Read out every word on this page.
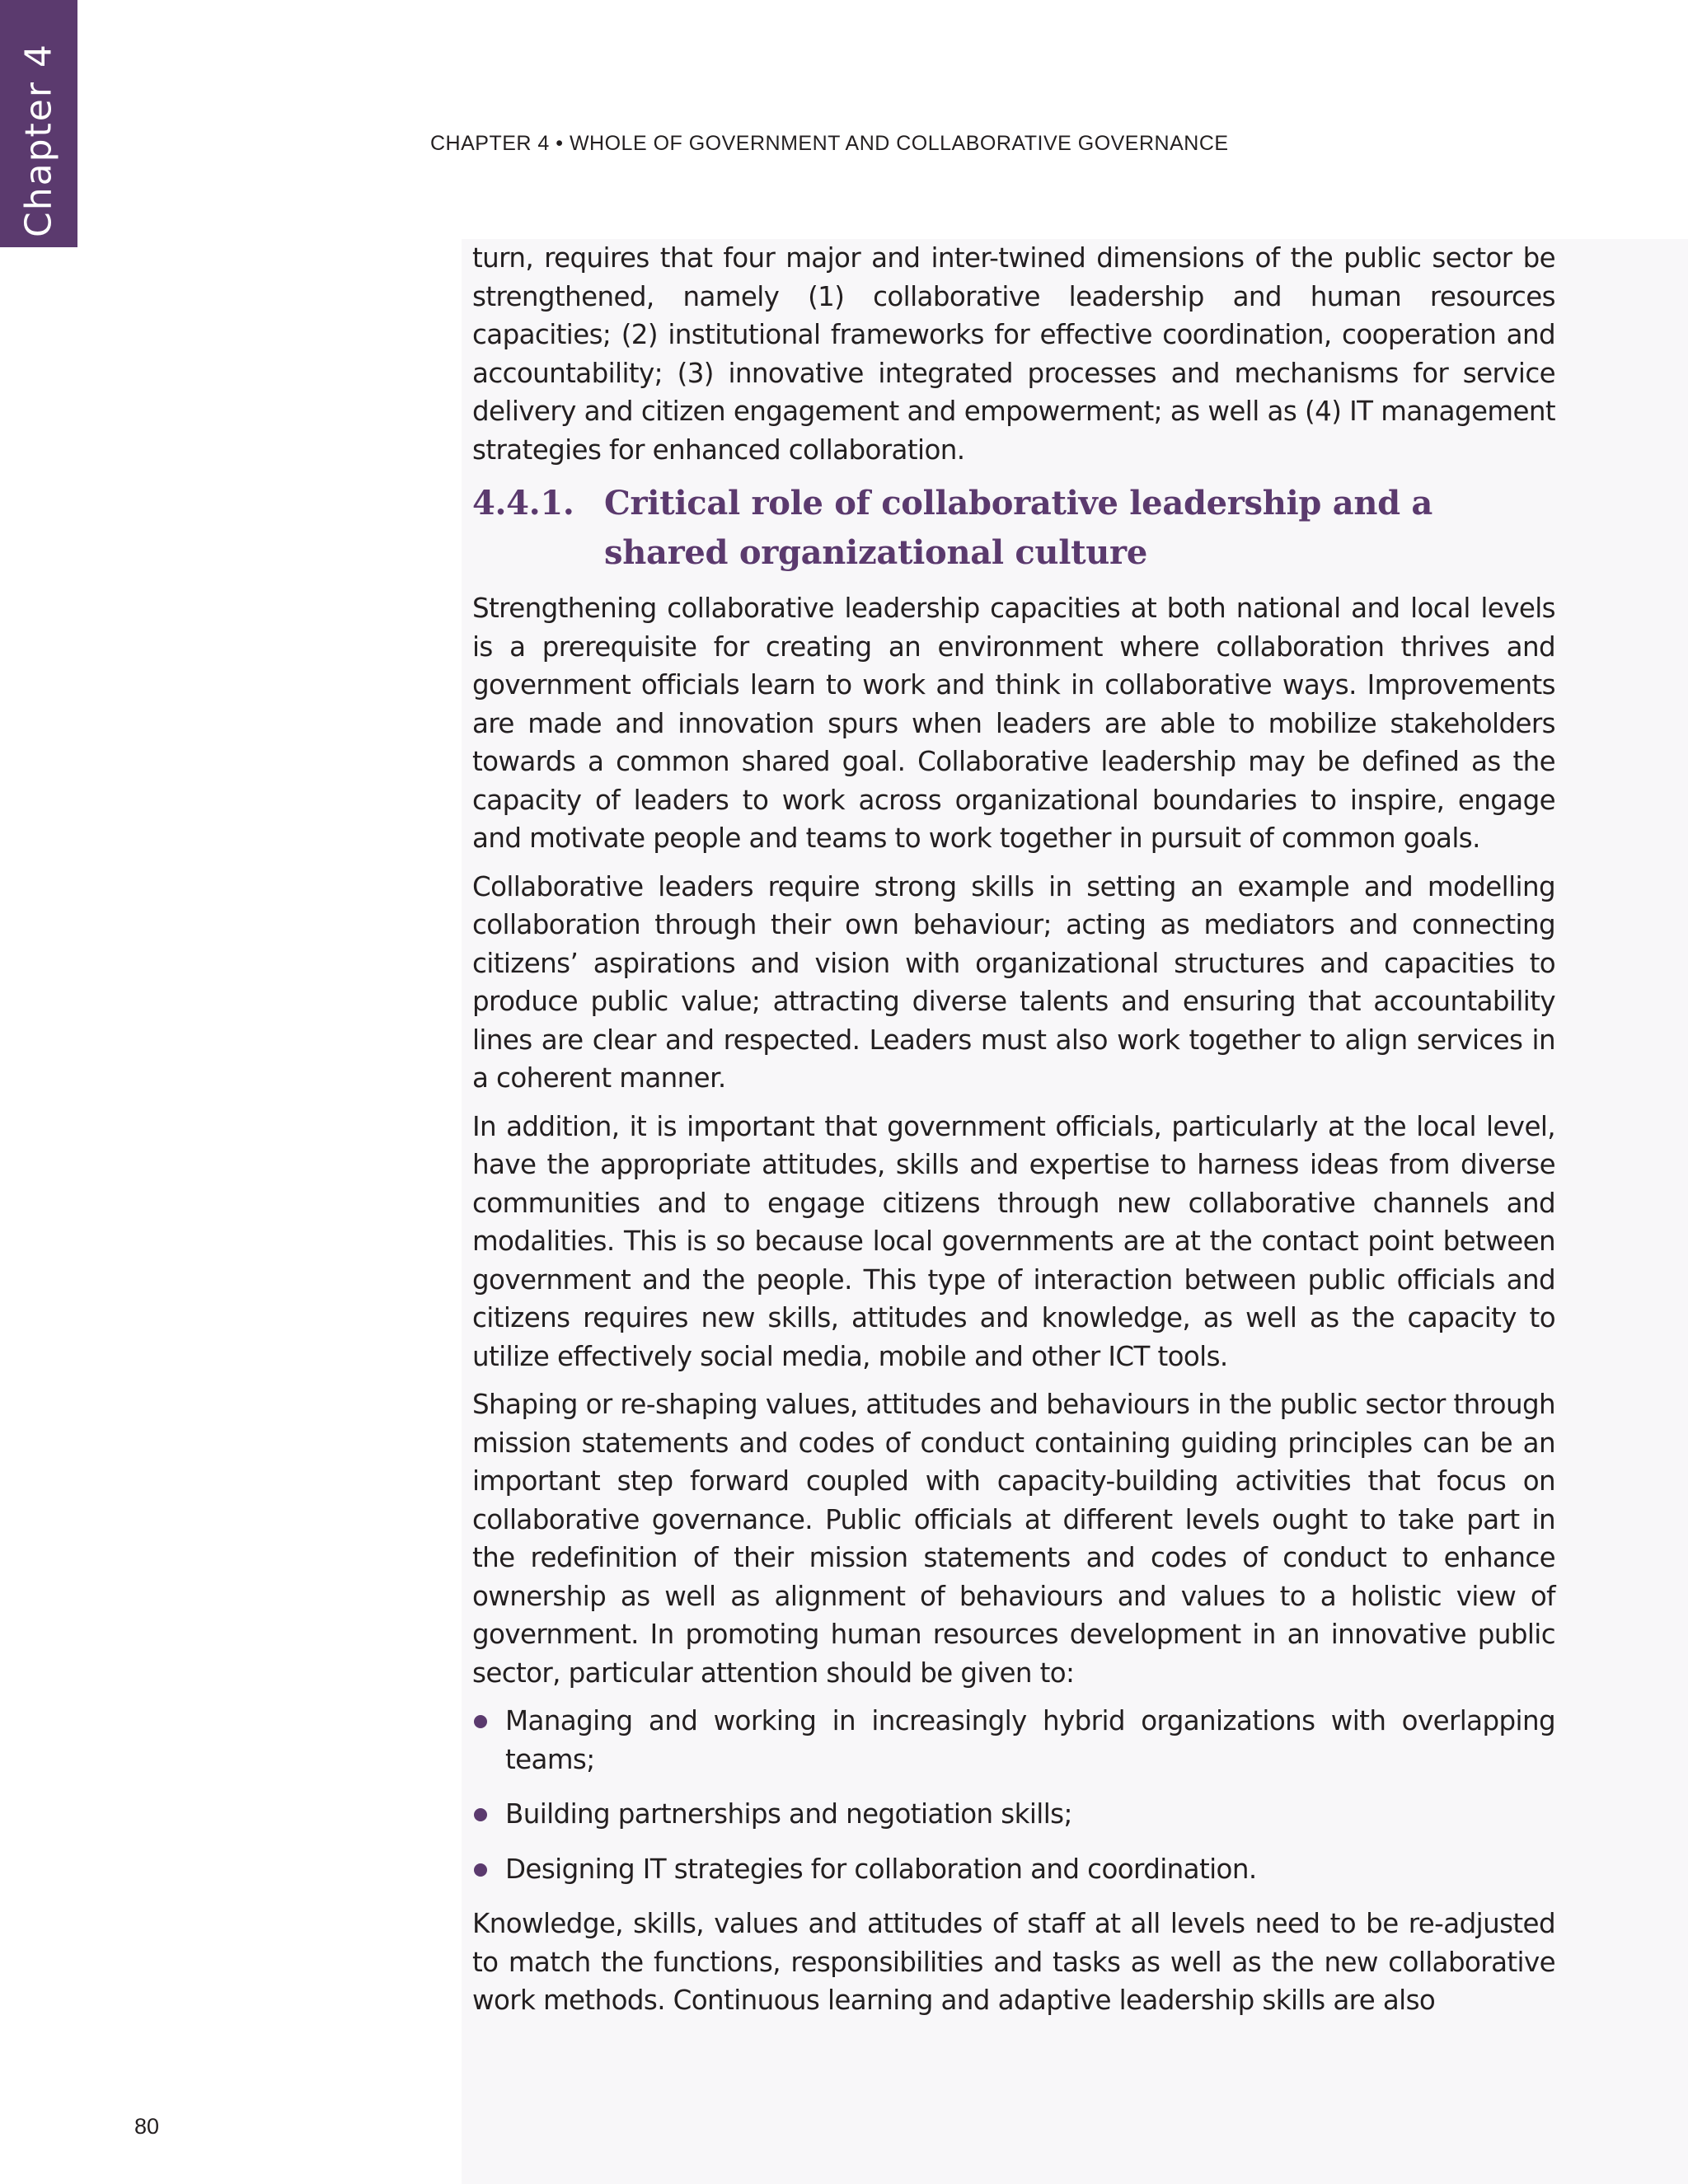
Chapter 4	CHAPTER 4 • WHOLE OF GOVERNMENT AND COLLABORATIVE GOVERNANCE

turn, requires that four major and inter-twined dimensions of the public sector be strengthened, namely (1) collaborative leadership and human resources capacities; (2) institutional frameworks for effective coordination, cooperation and accountability; (3) innovative integrated processes and mechanisms for service delivery and citizen engagement and empowerment; as well as (4) IT management strategies for enhanced collaboration.

4.4.1. Critical role of collaborative leadership and a shared organizational culture

Strengthening collaborative leadership capacities at both national and local levels is a prerequisite for creating an environment where collaboration thrives and government officials learn to work and think in collaborative ways. Improvements are made and innovation spurs when leaders are able to mobilize stakeholders towards a common shared goal. Collaborative leadership may be defined as the capacity of leaders to work across organizational boundaries to inspire, engage and motivate people and teams to work together in pursuit of common goals.

Collaborative leaders require strong skills in setting an example and modelling collaboration through their own behaviour; acting as mediators and connecting citizens’ aspirations and vision with organizational structures and capacities to produce public value; attracting diverse talents and ensuring that accountability lines are clear and respected. Leaders must also work together to align services in a coherent manner.

In addition, it is important that government officials, particularly at the local level, have the appropriate attitudes, skills and expertise to harness ideas from diverse communities and to engage citizens through new collaborative channels and modalities. This is so because local governments are at the contact point between government and the people. This type of interaction between public officials and citizens requires new skills, attitudes and knowledge, as well as the capacity to utilize effectively social media, mobile and other ICT tools.

Shaping or re-shaping values, attitudes and behaviours in the public sector through mission statements and codes of conduct containing guiding principles can be an important step forward coupled with capacity-building activities that focus on collaborative governance. Public officials at different levels ought to take part in the redefinition of their mission statements and codes of conduct to enhance ownership as well as alignment of behaviours and values to a holistic view of government. In promoting human resources development in an innovative public sector, particular attention should be given to:

Managing and working in increasingly hybrid organizations with overlapping teams;
Building partnerships and negotiation skills;
Designing IT strategies for collaboration and coordination.

Knowledge, skills, values and attitudes of staff at all levels need to be re-adjusted to match the functions, responsibilities and tasks as well as the new collaborative work methods. Continuous learning and adaptive leadership skills are also

80
